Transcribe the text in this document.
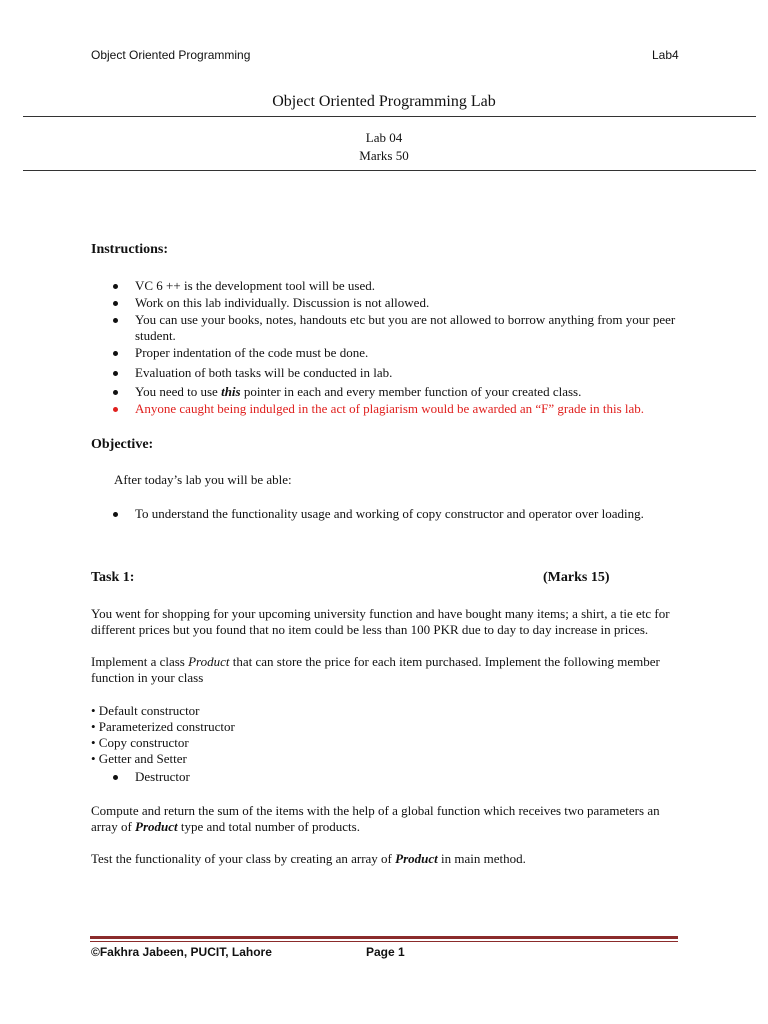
Object Oriented Programming	Lab4
Object Oriented Programming Lab
Lab 04
Marks 50
Instructions:
VC 6 ++ is the development tool will be used.
Work on this lab individually. Discussion is not allowed.
You can use your books, notes, handouts etc but you are not allowed to borrow anything from your peer student.
Proper indentation of the code must be done.
Evaluation of both tasks will be conducted in lab.
You need to use this pointer in each and every member function of your created class.
Anyone caught being indulged in the act of plagiarism would be awarded an “F” grade in this lab.
Objective:
After today’s lab you will be able:
To understand the functionality usage and working of copy constructor and operator over loading.
Task 1:	(Marks 15)
You went for shopping for your upcoming university function and have bought many items; a shirt, a tie etc for different prices but you found that no item could be less than 100 PKR due to day to day increase in prices.
Implement a class Product that can store the price for each item purchased. Implement the following member function in your class
• Default constructor
• Parameterized constructor
• Copy constructor
• Getter and Setter
Destructor
Compute and return the sum of the items with the help of a global function which receives two parameters an array of Product type and total number of products.
Test the functionality of your class by creating an array of Product in main method.
©Fakhra Jabeen, PUCIT, Lahore	Page 1
